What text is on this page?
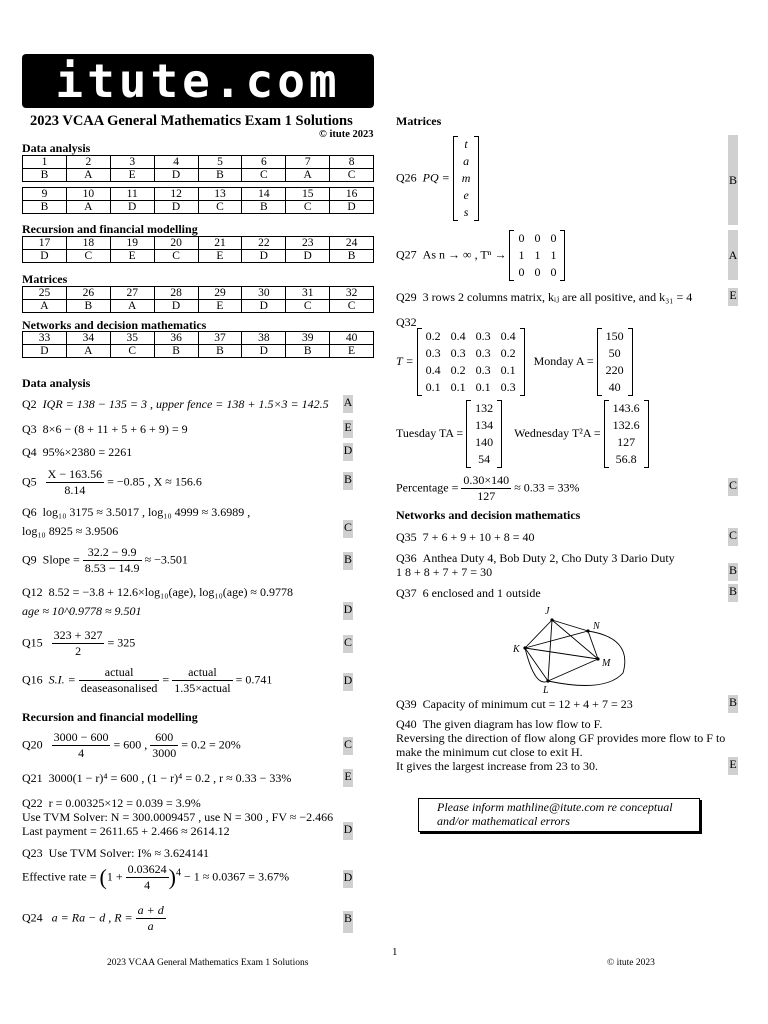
itute.com
2023 VCAA General Mathematics Exam 1 Solutions
© itute 2023
Data analysis
1	2	3	4	5	6	7	8
B	A	E	D	B	C	A	C
9	10	11	12	13	14	15	16
B	A	D	D	C	B	C	D
Recursion and financial modelling
17	18	19	20	21	22	23	24
D	C	E	C	E	D	D	B
Matrices
25	26	27	28	29	30	31	32
A	B	A	D	E	D	C	C
Networks and decision mathematics
33	34	35	36	37	38	39	40
D	A	C	B	B	D	B	E
Data analysis
Q2 IQR = 138 − 135 = 3 , upper fence = 138 + 1.5×3 = 142.5 A
Q3 8×6 − (8 + 11 + 5 + 6 + 9) = 9	E
Q4 95%×2380 = 2261	D
$Q5 \frac{X - 163.56}{8.14} = -0.85$ , X ≈ 156.6	B
Q6 log₁₀ 3175 ≈ 3.5017 , log₁₀ 4999 ≈ 3.6989 ,
log₁₀ 8925 ≈ 3.9506	C
Q9 Slope = $\frac{32.2 - 9.9}{8.53 - 14.9} \approx -3.501$	B
Q12 8.52 = −3.8 + 12.6×log₁₀(age), log₁₀(age) ≈ 0.9778
age ≈ 10^0.9778 ≈ 9.501	D
$Q15 \frac{323 + 327}{2} = 325$	C
Q16 S.I. = $\frac{\text{actual}}{\text{deaseasonalised}} = \frac{\text{actual}}{\text{1.35×actual}} = 0.741$	D
Recursion and financial modelling
$Q20 \frac{3000 - 600}{4} = 600$ , $\frac{600}{3000} = 0.2 = 20\%$	C
Q21 3000(1 − r)⁴ = 600 , (1 − r)⁴ = 0.2 , r ≈ 0.33 − 33%	E
Q22 r = 0.00325×12 = 0.039 = 3.9%
Use TVM Solver: N = 300.0009457 , use N = 300 , FV ≈ −2.466
Last payment = 2611.65 + 2.466 ≈ 2614.12	D
Q23 Use TVM Solver: I% ≈ 3.624141
Effective rate = $(1 + \frac{0.03624}{4} )^4 - 1 \approx 0.0367 = 3.67\%$	D
Q24 a = Ra − d , $R = \frac{a + d}{a}$	B
Matrices
Q26 PQ =
t
a
m
e
s
B
Q27 As n → ∞ , Tⁿ →
0	0	0
1	1	1
0	0	0
A
Q29 3 rows 2 columns matrix, kᵢⱼ are all positive, and k₃₁ = 4	E
Q32
T =
0.2	0.4	0.3	0.4
0.3	0.3	0.3	0.2
0.4	0.2	0.3	0.1
0.1	0.1	0.1	0.3
Monday A =
150
50
220
40
Tuesday TA =
132
134
140
54
Wednesday T²A =
143.6
132.6
127
56.8
Percentage = $\frac{0.30\times 140}{127} \approx 0.33 = 33\%$	C
Networks and decision mathematics
Q35 7 + 6 + 9 + 10 + 8 = 40	C
Q36 Anthea Duty 4, Bob Duty 2, Cho Duty 3 Dario Duty
1 8 + 8 + 7 + 7 = 30	B
Q37 6 enclosed and 1 outside	B
J
N
K
M
L
Q39 Capacity of minimum cut = 12 + 4 + 7 = 23	B
Q40 The given diagram has low flow to F.
Reversing the direction of flow along GF provides more flow to F to
make the minimum cut close to exit H.
It gives the largest increase from 23 to 30.	E
Please inform mathline@itute.com re conceptual
and/or mathematical errors
1
2023 VCAA General Mathematics Exam 1 Solutions	© itute 2023
